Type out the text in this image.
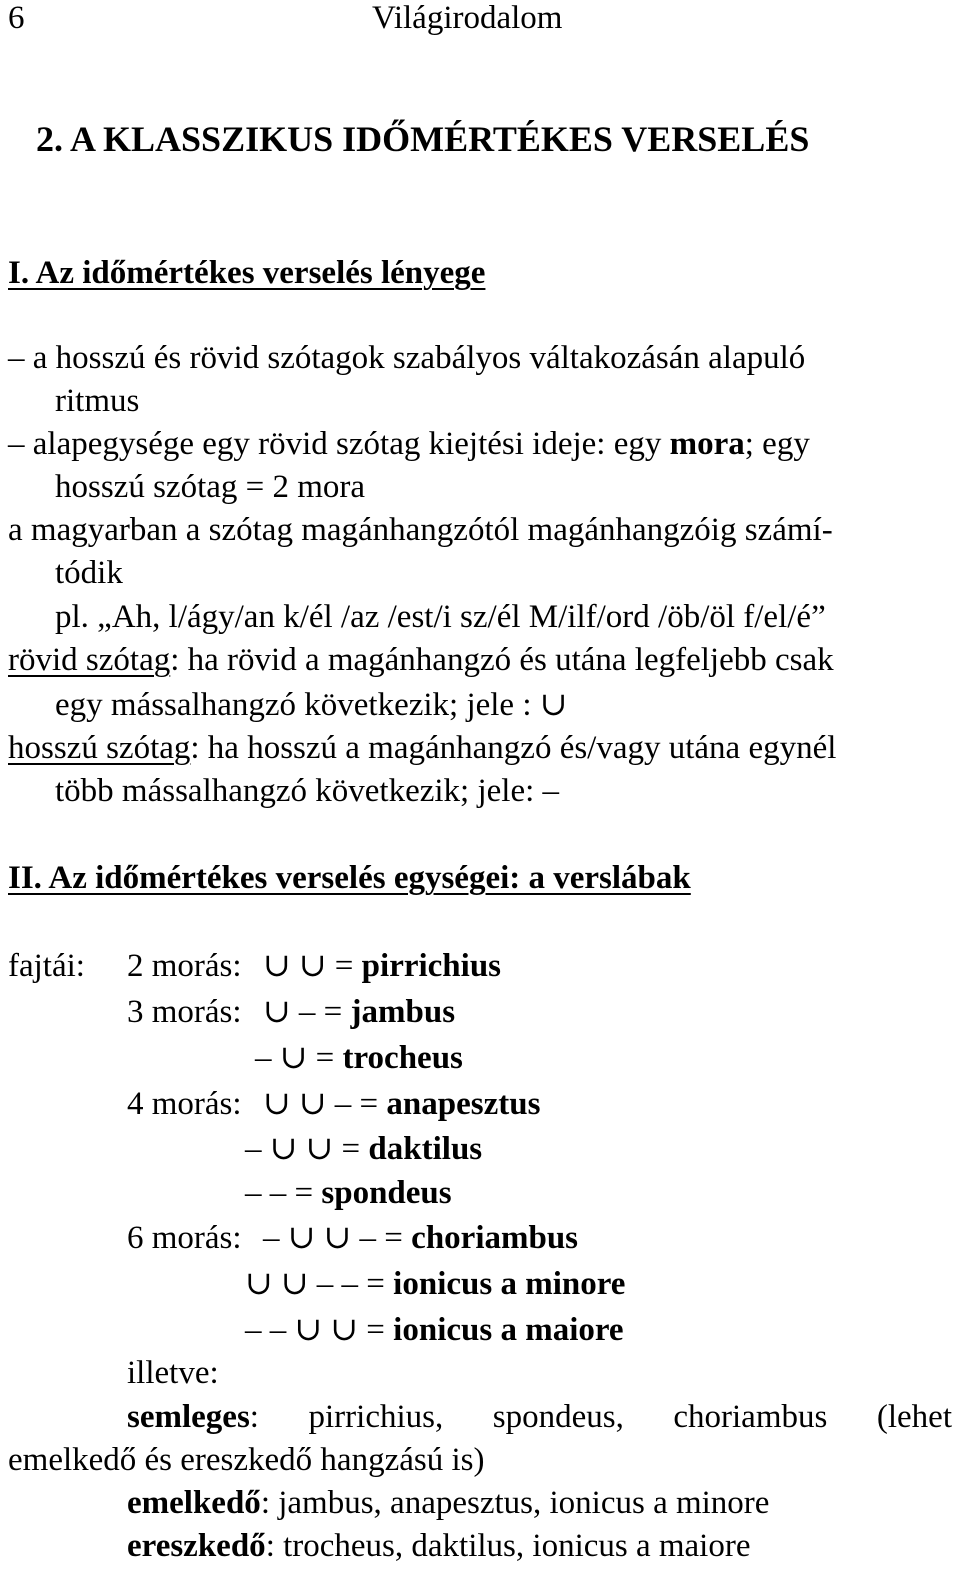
6	Világirodalom
2. A KLASSZIKUS IDŐMÉRTÉKES VERSELÉS
I. Az időmértékes verselés lényege
– a hosszú és rövid szótagok szabályos váltakozásán alapuló
ritmus
– alapegysége egy rövid szótag kiejtési ideje: egy mora; egy
hosszú szótag = 2 mora
a magyarban a szótag magánhangzótól magánhangzóig számí-
tódik
pl. „Ah, l/ágy/an k/él /az /est/i sz/él M/ilf/ord /öb/öl f/el/é”
rövid szótag: ha rövid a magánhangzó és utána legfeljebb csak
egy mássalhangzó következik; jele : ∪
hosszú szótag: ha hosszú a magánhangzó és/vagy utána egynél
több mássalhangzó következik; jele: –
II. Az időmértékes verselés egységei: a verslábak
fajtái: 2 morás: ∪ ∪ = pirrichius
3 morás: ∪ – = jambus
– ∪ = trocheus
4 morás: ∪ ∪ – = anapesztus
– ∪ ∪ = daktilus
– – = spondeus
6 morás: – ∪ ∪ – = choriambus
∪ ∪ – – = ionicus a minore
– – ∪ ∪ = ionicus a maiore
illetve:
semleges: pirrichius, spondeus, choriambus (lehet
emelkedő és ereszkedő hangzású is)
emelkedő: jambus, anapesztus, ionicus a minore
ereszkedő: trocheus, daktilus, ionicus a maiore
